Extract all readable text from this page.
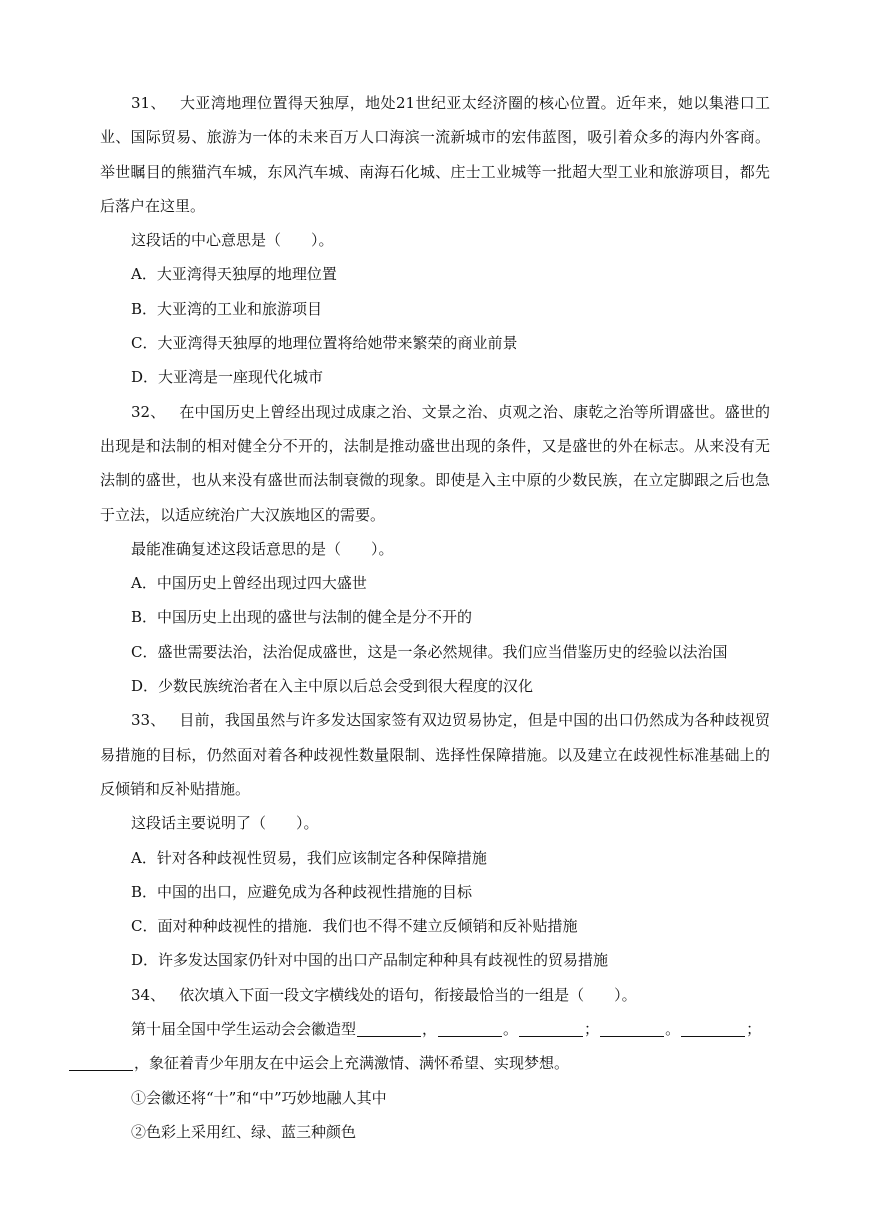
31、 大亚湾地理位置得天独厚，地处21世纪亚太经济圈的核心位置。近年来，她以集港口工业、国际贸易、旅游为一体的未来百万人口海滨一流新城市的宏伟蓝图，吸引着众多的海内外客商。举世瞩目的熊猫汽车城，东风汽车城、南海石化城、庄士工业城等一批超大型工业和旅游项目，都先后落户在这里。

这段话的中心意思是（　　）。

A．大亚湾得天独厚的地理位置

B．大亚湾的工业和旅游项目

C．大亚湾得天独厚的地理位置将给她带来繁荣的商业前景

D．大亚湾是一座现代化城市

32、 在中国历史上曾经出现过成康之治、文景之治、贞观之治、康乾之治等所谓盛世。盛世的出现是和法制的相对健全分不开的，法制是推动盛世出现的条件，又是盛世的外在标志。从来没有无法制的盛世，也从来没有盛世而法制衰微的现象。即使是入主中原的少数民族，在立定脚跟之后也急于立法，以适应统治广大汉族地区的需要。

最能准确复述这段话意思的是（　　）。

A．中国历史上曾经出现过四大盛世

B．中国历史上出现的盛世与法制的健全是分不开的

C．盛世需要法治，法治促成盛世，这是一条必然规律。我们应当借鉴历史的经验以法治国

D．少数民族统治者在入主中原以后总会受到很大程度的汉化

33、 目前，我国虽然与许多发达国家签有双边贸易协定，但是中国的出口仍然成为各种歧视贸易措施的目标，仍然面对着各种歧视性数量限制、选择性保障措施。以及建立在歧视性标准基础上的反倾销和反补贴措施。

这段话主要说明了（　　）。

A．针对各种歧视性贸易，我们应该制定各种保障措施

B．中国的出口，应避免成为各种歧视性措施的目标

C．面对种种歧视性的措施．我们也不得不建立反倾销和反补贴措施

D．许多发达国家仍针对中国的出口产品制定种种具有歧视性的贸易措施

34、 依次填入下面一段文字横线处的语句，衔接最恰当的一组是（　　）。

第十届全国中学生运动会会徽造型	，	。	；	。	；
，象征着青少年朋友在中运会上充满激情、满怀希望、实现梦想。

①会徽还将“十”和“中”巧妙地融人其中

②色彩上采用红、绿、蓝三种颜色
